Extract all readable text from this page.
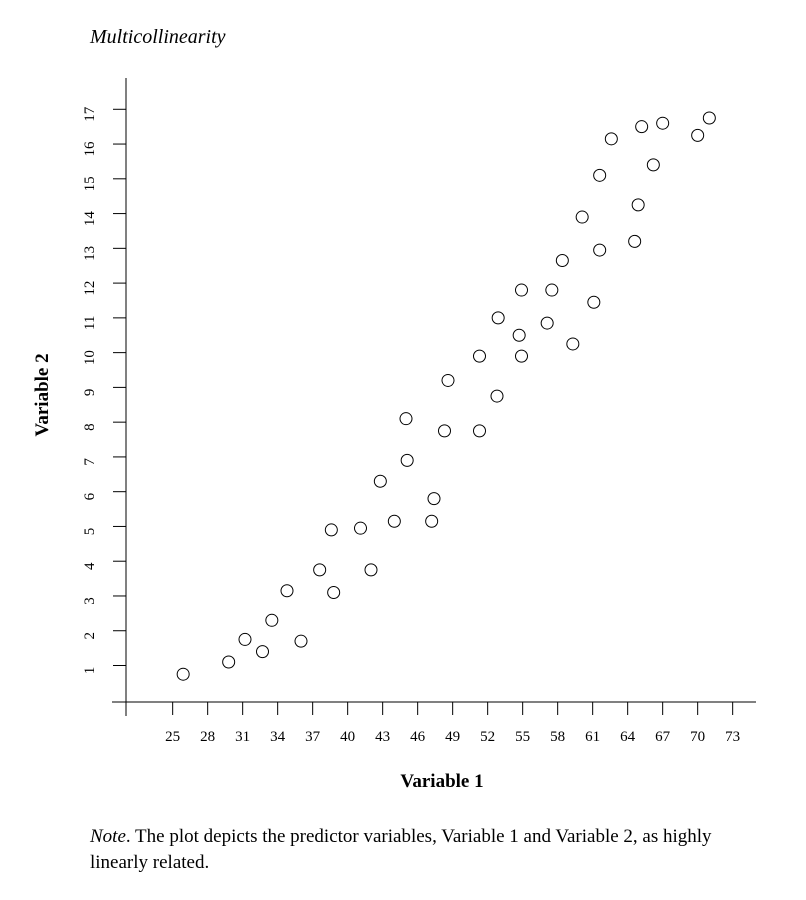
Multicollinearity
1
2
3
4
5
6
7
8
9
10
11
12
13
14
15
16
17
25 28 31 34 37 40 43 46 49 52 55 58 61 64 67 70 73
Variable 1
Variable 2
Note. The plot depicts the predictor variables, Variable 1 and Variable 2, as highly linearly related.
